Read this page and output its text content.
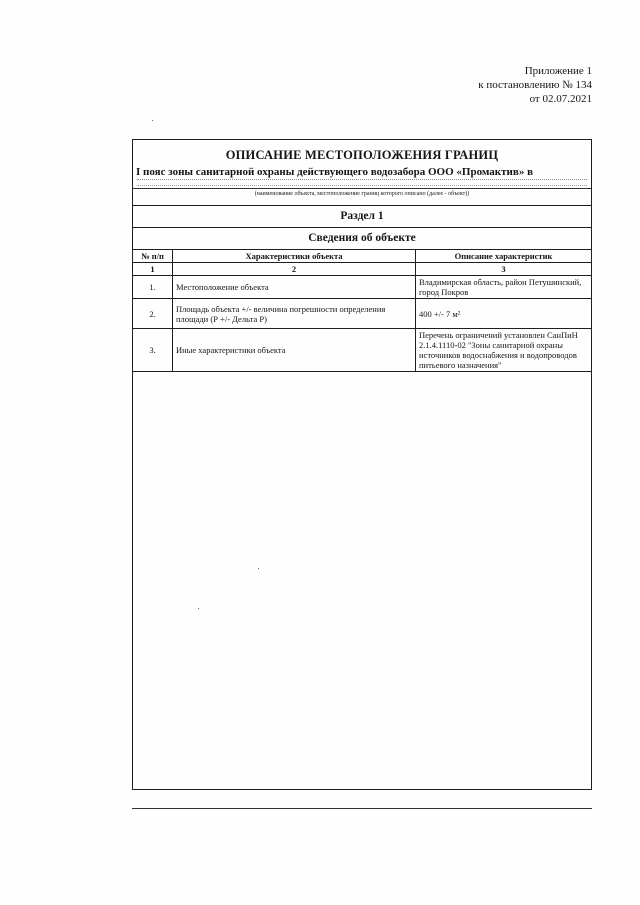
Приложение 1
к постановлению № 134
от 02.07.2021
ОПИСАНИЕ МЕСТОПОЛОЖЕНИЯ ГРАНИЦ
I пояс зоны санитарной охраны действующего водозабора ООО «Промактив» в
(наименование объекта, местоположение границ которого описано (далее - объект))
Раздел 1
Сведения об объекте
№ п/п	Характеристики объекта	Описание характеристик
1	2	3
1.	Местоположение объекта	Владимирская область, район Петушинский, город Покров
2.	Площадь объекта +/- величина погрешности определения площади (Р +/- Дельта Р)	400 +/- 7 м²
3.	Иные характеристики объекта	Перечень ограничений установлен СанПиН 2.1.4.1110-02 "Зоны санитарной охраны источников водоснабжения и водопроводов питьевого назначения"
